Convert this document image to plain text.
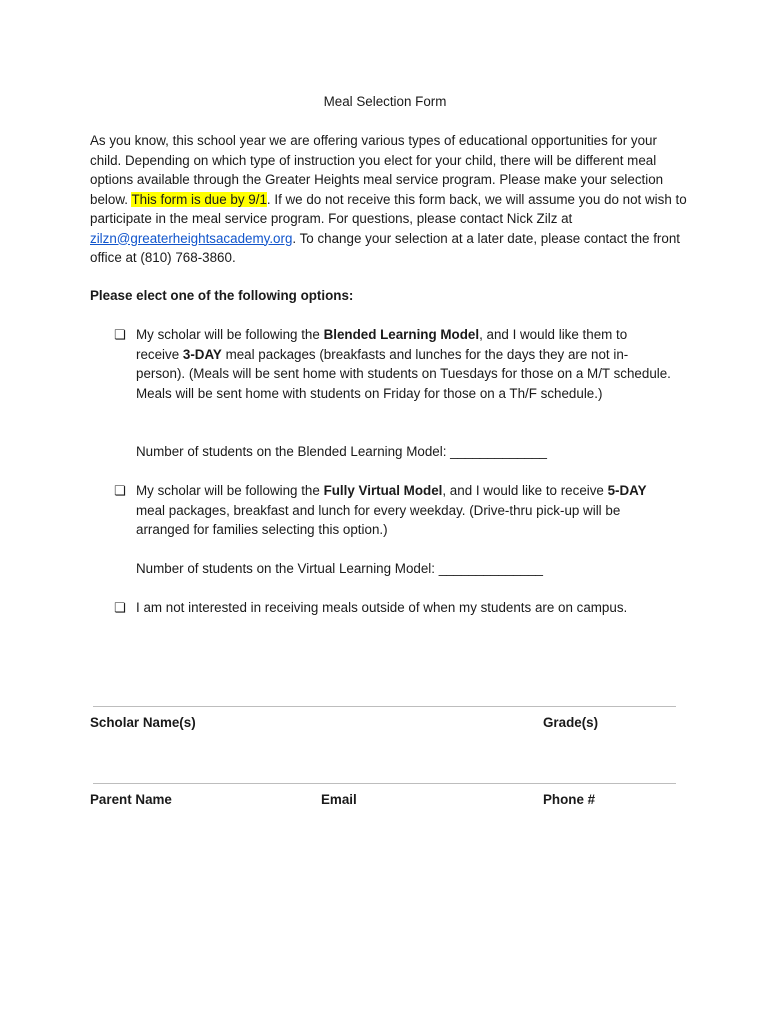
Meal Selection Form

As you know, this school year we are offering various types of educational opportunities for your child. Depending on which type of instruction you elect for your child, there will be different meal options available through the Greater Heights meal service program. Please make your selection below. This form is due by 9/1. If we do not receive this form back, we will assume you do not wish to participate in the meal service program. For questions, please contact Nick Zilz at zilzn@greaterheightsacademy.org. To change your selection at a later date, please contact the front office at (810) 768-3860.

Please elect one of the following options:
❏ My scholar will be following the Blended Learning Model, and I would like them to receive 3-DAY meal packages (breakfasts and lunches for the days they are not in-person). (Meals will be sent home with students on Tuesdays for those on a M/T schedule. Meals will be sent home with students on Friday for those on a Th/F schedule.)
Number of students on the Blended Learning Model: _____________
❏ My scholar will be following the Fully Virtual Model, and I would like to receive 5-DAY meal packages, breakfast and lunch for every weekday. (Drive-thru pick-up will be arranged for families selecting this option.)
Number of students on the Virtual Learning Model: ______________
❏ I am not interested in receiving meals outside of when my students are on campus.
Scholar Name(s)	Grade(s)
Parent Name	Email	Phone #
